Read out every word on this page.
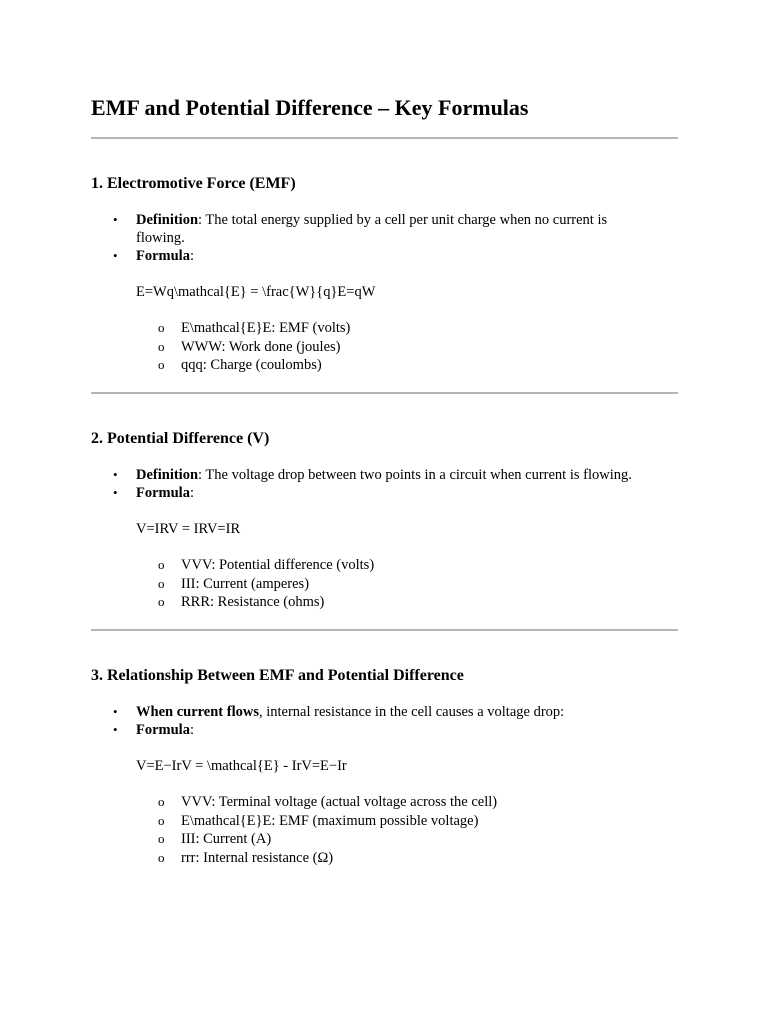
EMF and Potential Difference – Key Formulas
1. Electromotive Force (EMF)
• Definition: The total energy supplied by a cell per unit charge when no current is flowing.
• Formula:

E=Wq\mathcal{E} = \frac{W}{q}E=qW

o E\mathcal{E}E: EMF (volts)
o WWW: Work done (joules)
o qqq: Charge (coulombs)
2. Potential Difference (V)
• Definition: The voltage drop between two points in a circuit when current is flowing.
• Formula:

V=IRV = IRV=IR

o VVV: Potential difference (volts)
o III: Current (amperes)
o RRR: Resistance (ohms)
3. Relationship Between EMF and Potential Difference
• When current flows, internal resistance in the cell causes a voltage drop:
• Formula:

V=E−IrV = \mathcal{E} - IrV=E−Ir

o VVV: Terminal voltage (actual voltage across the cell)
o E\mathcal{E}E: EMF (maximum possible voltage)
o III: Current (A)
o rrr: Internal resistance (Ω)
